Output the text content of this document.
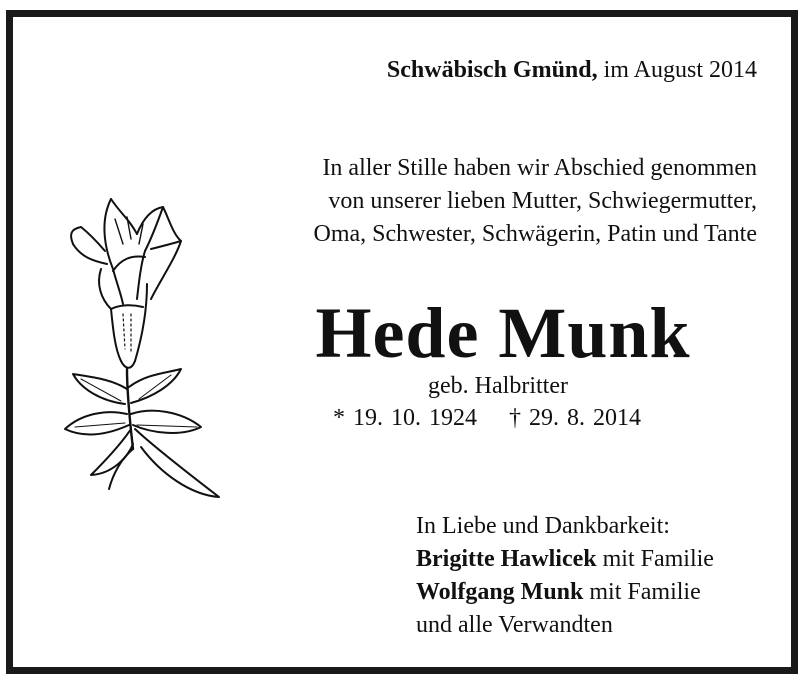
Schwäbisch Gmünd, im August 2014

In aller Stille haben wir Abschied genommen
von unserer lieben Mutter, Schwiegermutter,
Oma, Schwester, Schwägerin, Patin und Tante
Hede Munk
geb. Halbritter
* 19. 10. 1924 † 29. 8. 2014
In Liebe und Dankbarkeit:
Brigitte Hawlicek mit Familie
Wolfgang Munk mit Familie
und alle Verwandten
